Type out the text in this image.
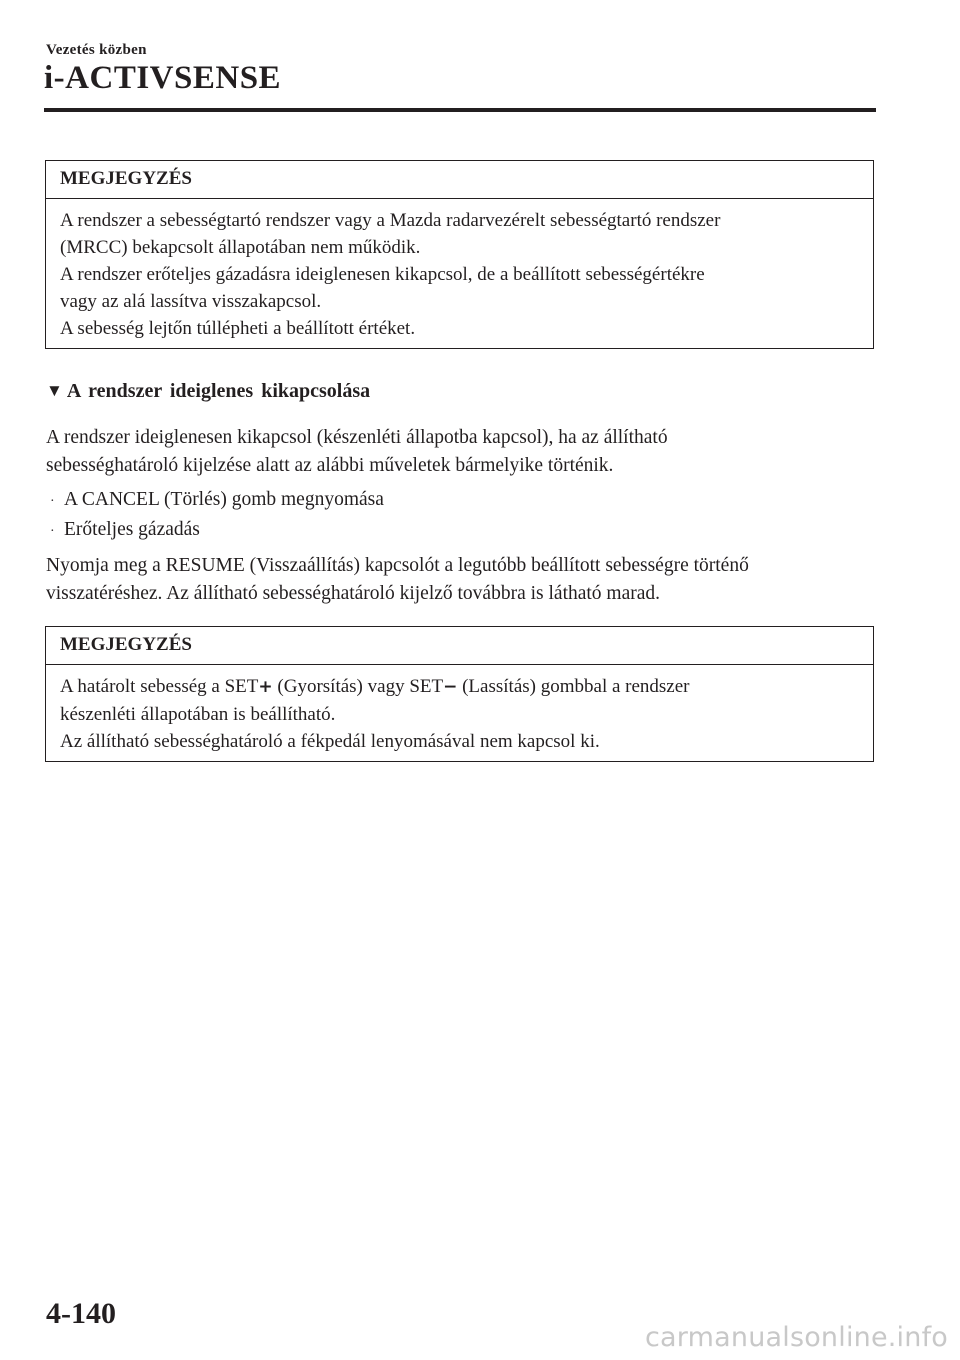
Vezetés közben
i-ACTIVSENSE
MEGJEGYZÉS
A rendszer a sebességtartó rendszer vagy a Mazda radarvezérelt sebességtartó rendszer
(MRCC) bekapcsolt állapotában nem működik.
A rendszer erőteljes gázadásra ideiglenesen kikapcsol, de a beállított sebességértékre
vagy az alá lassítva visszakapcsol.
A sebesség lejtőn túllépheti a beállított értéket.
▼ A rendszer ideiglenes kikapcsolása
A rendszer ideiglenesen kikapcsol (készenléti állapotba kapcsol), ha az állítható
sebességhatároló kijelzése alatt az alábbi műveletek bármelyike történik.
· A CANCEL (Törlés) gomb megnyomása
· Erőteljes gázadás
Nyomja meg a RESUME (Visszaállítás) kapcsolót a legutóbb beállított sebességre történő
visszatéréshez. Az állítható sebességhatároló kijelző továbbra is látható marad.
MEGJEGYZÉS
A határolt sebesség a SET+ (Gyorsítás) vagy SET− (Lassítás) gombbal a rendszer
készenléti állapotában is beállítható.
Az állítható sebességhatároló a fékpedál lenyomásával nem kapcsol ki.
4-140
carmanualsonline.info
